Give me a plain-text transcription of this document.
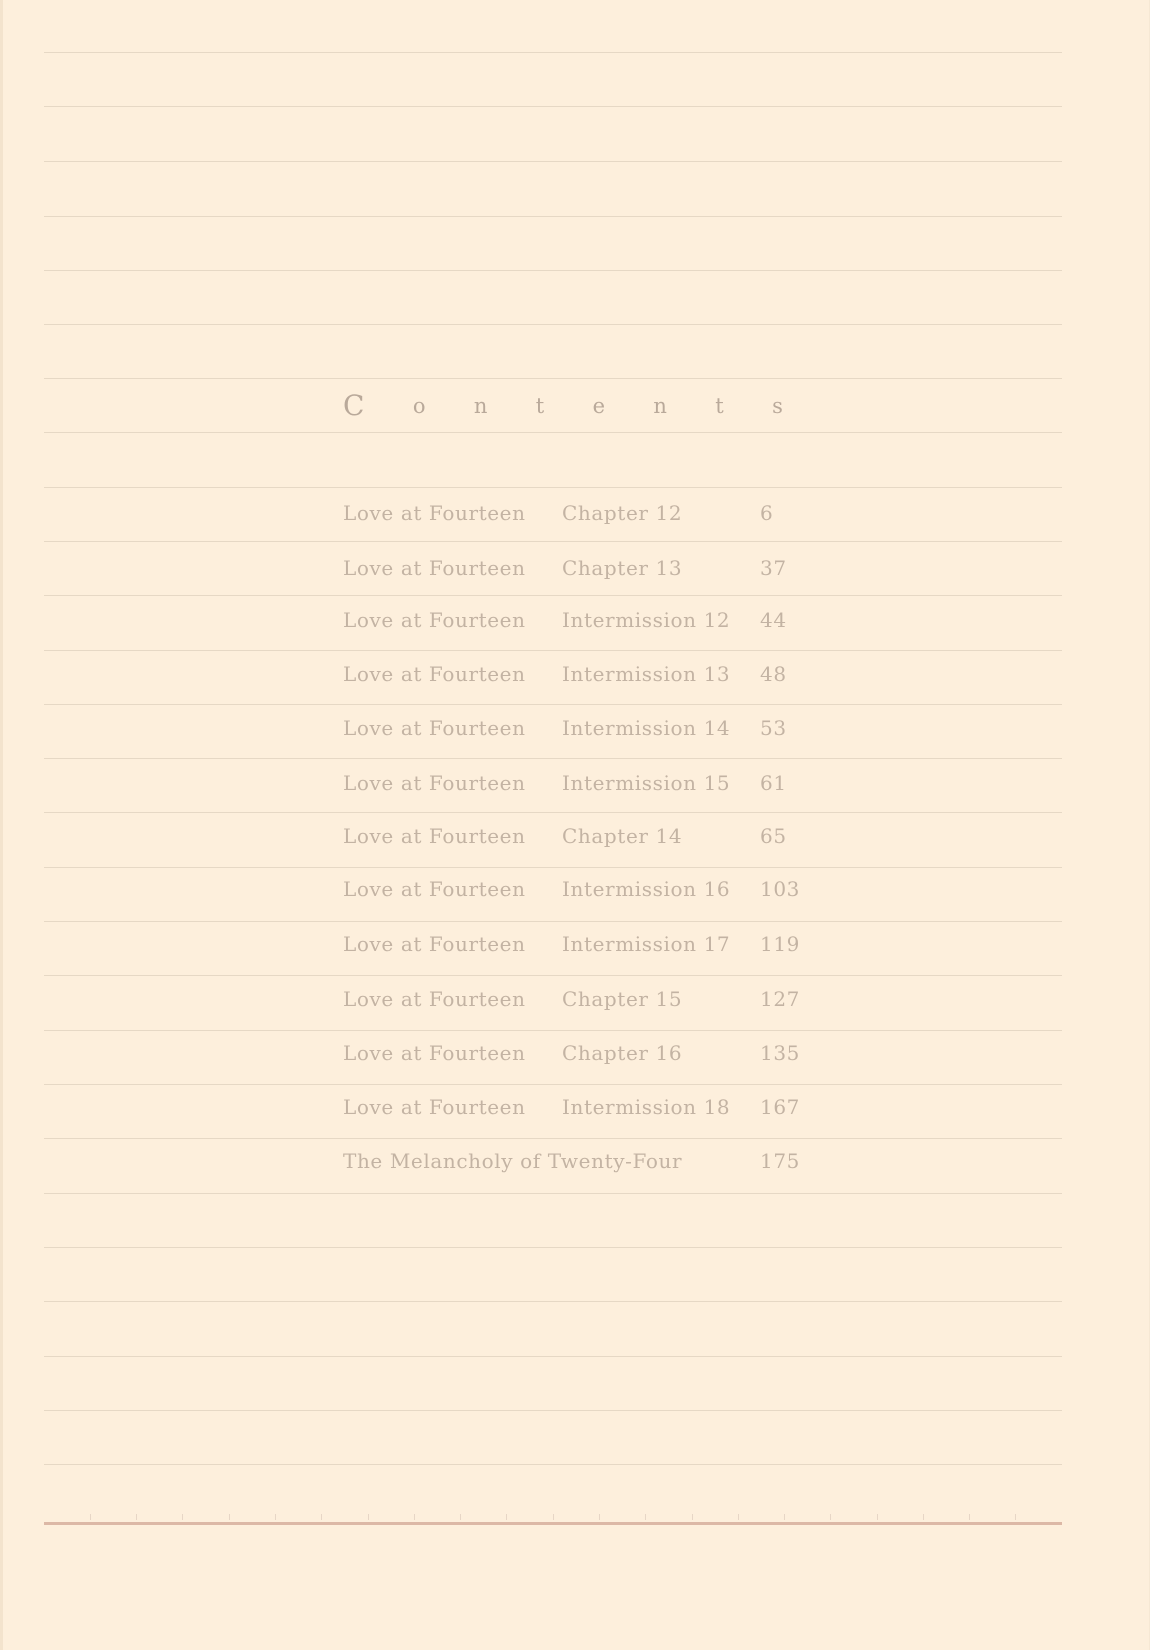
C o n t e n t s
Love at Fourteen Chapter 12	6
Love at Fourteen Chapter 13	37
Love at Fourteen Intermission 12 44
Love at Fourteen Intermission 13 48
Love at Fourteen Intermission 14 53
Love at Fourteen Intermission 15 61
Love at Fourteen Chapter 14	65
Love at Fourteen Intermission 16 103
Love at Fourteen Intermission 17 119
Love at Fourteen Chapter 15	127
Love at Fourteen Chapter 16	135
Love at Fourteen Intermission 18 167
The Melancholy of Twenty-Four	175
